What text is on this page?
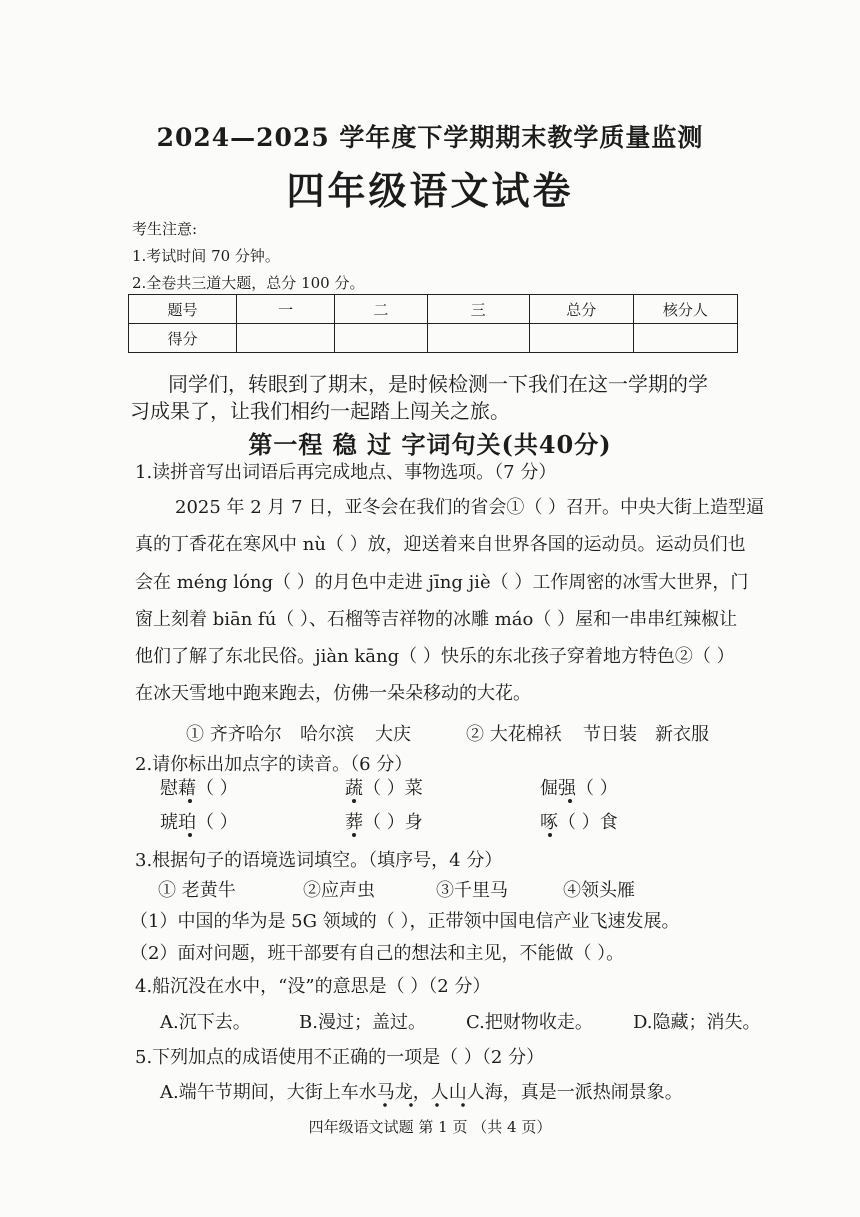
2024—2025 学年度下学期期末教学质量监测
四年级语文试卷
考生注意:
1.考试时间 70 分钟。
2.全卷共三道大题，总分 100 分。
题号	一	二	三	总分	核分人
得分					
同学们，转眼到了期末，是时候检测一下我们在这一学期的学
习成果了，让我们相约一起踏上闯关之旅。
第一程 稳 过 字词句关(共40分)
1.读拼音写出词语后再完成地点、事物选项。（7 分）
2025 年 2 月 7 日，亚冬会在我们的省会①（ ）召开。中央大街上造型逼
真的丁香花在寒风中 nù（ ）放，迎送着来自世界各国的运动员。运动员们也
会在 méng lóng（ ）的月色中走进 jīng jiè（ ）工作周密的冰雪大世界，门
窗上刻着 biān fú（ ）、石榴等吉祥物的冰雕 máo（ ）屋和一串串红辣椒让
他们了解了东北民俗。jiàn kāng（ ）快乐的东北孩子穿着地方特色②（ ）
在冰天雪地中跑来跑去，仿佛一朵朵移动的大花。
① 齐齐哈尔 哈尔滨 大庆	② 大花棉袄 节日装 新衣服
2.请你标出加点字的读音。（6 分）
慰藉（ ）	蔬（ ）菜	倔强（ ）
琥珀（ ）	葬（ ）身	啄（ ）食
3.根据句子的语境选词填空。（填序号，4 分）
① 老黄牛	②应声虫	③千里马	④领头雁
（1）中国的华为是 5G 领域的（ ），正带领中国电信产业飞速发展。
（2）面对问题，班干部要有自己的想法和主见，不能做（ ）。
4.船沉没在水中，“没”的意思是（ ）（2 分）
A.沉下去。	B.漫过；盖过。 C.把财物收走。 D.隐藏；消失。
5.下列加点的成语使用不正确的一项是（ ）（2 分）
A.端午节期间，大街上车水马龙，人山人海，真是一派热闹景象。
四年级语文试题 第 1 页 （共 4 页）
